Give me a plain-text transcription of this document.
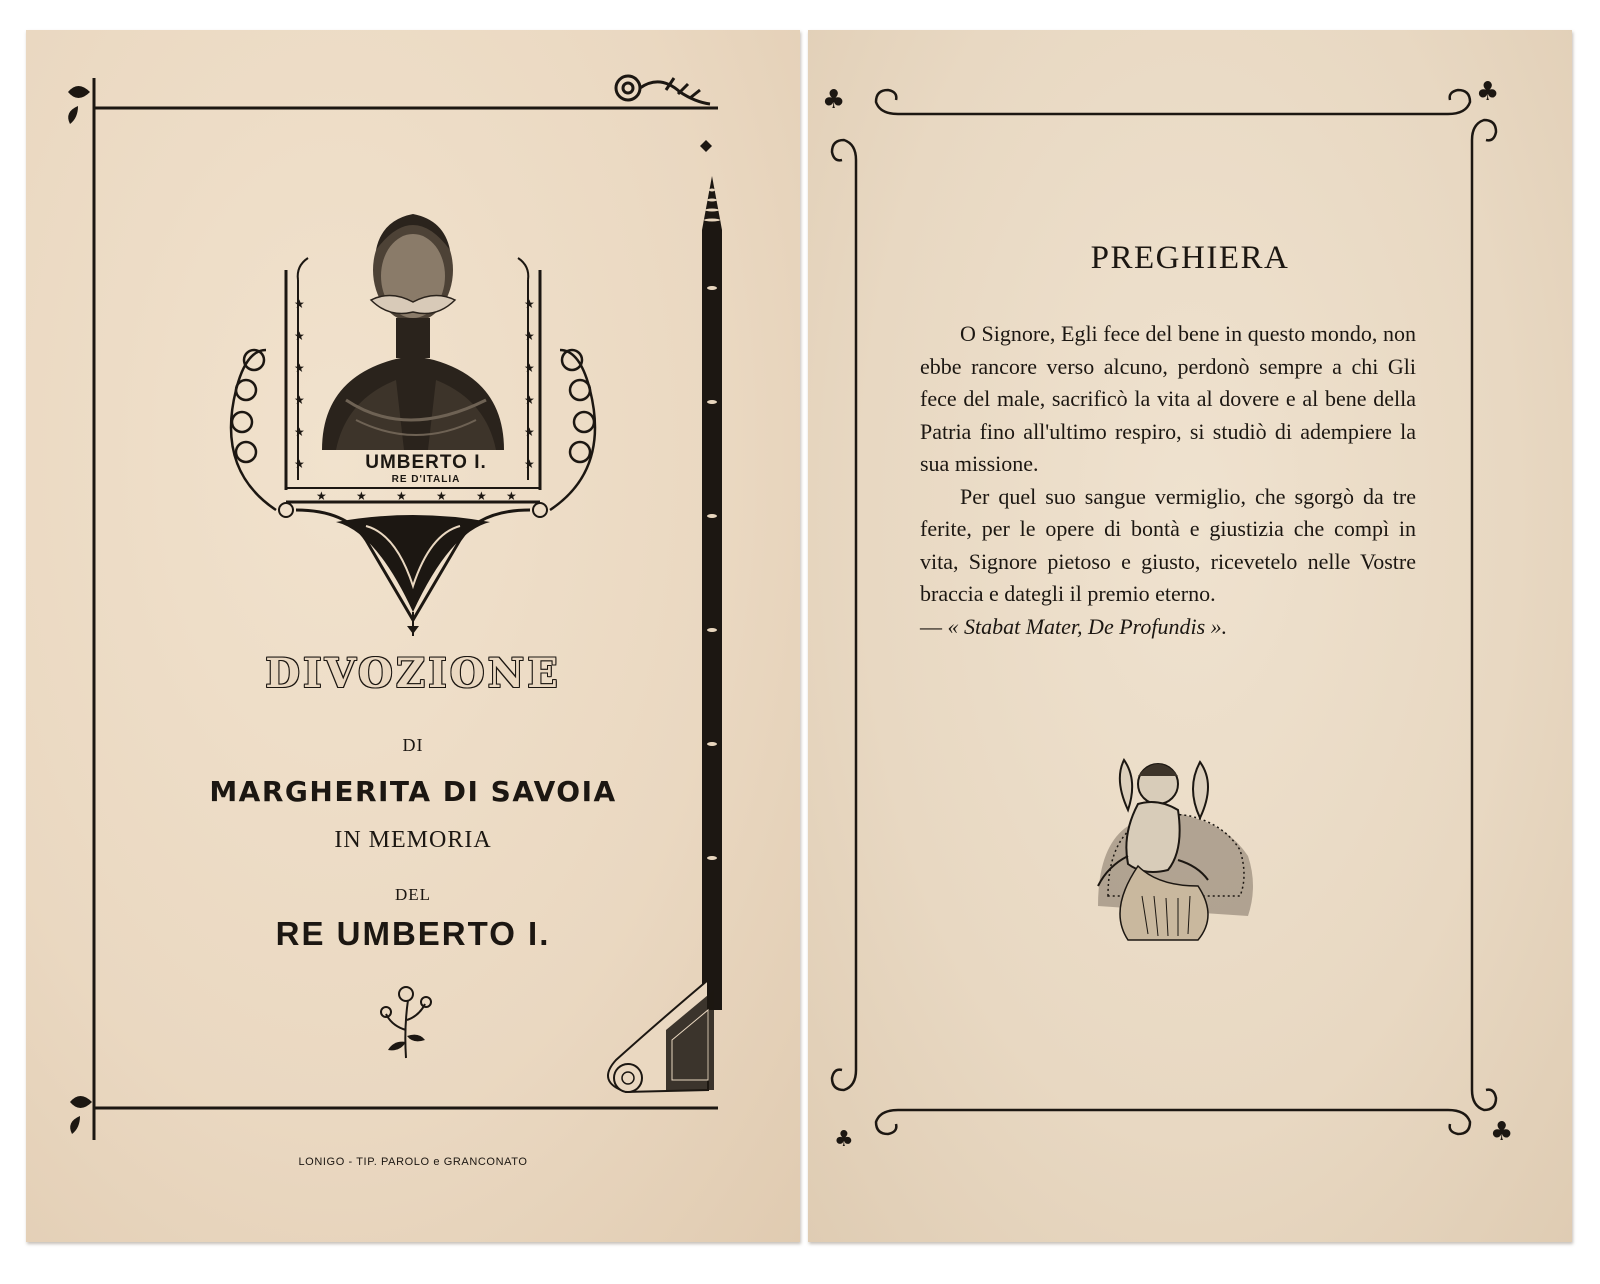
★
★
★
★
★
★
★
★
★
★
★
★
★ ★ ★ ★ ★ ★
UMBERTO I.
RE D'ITALIA
DIVOZIONE
DI
MARGHERITA DI SAVOIA
IN MEMORIA
DEL
RE UMBERTO I.
LONIGO - TIP. PAROLO e GRANCONATO
♣	♣
♣	♣
PREGHIERA

O Signore, Egli fece del bene in questo mondo, non ebbe rancore verso alcuno, perdonò sempre a chi Gli fece del male, sacrificò la vita al dovere e al bene della Patria fino all'ultimo respiro, si studiò di adempiere la sua missione.

Per quel suo sangue vermiglio, che sgorgò da tre ferite, per le opere di bontà e giustizia che compì in vita, Signore pietoso e giusto, ricevetelo nelle Vostre braccia e dategli il premio eterno.

— « Stabat Mater, De Profundis ».
